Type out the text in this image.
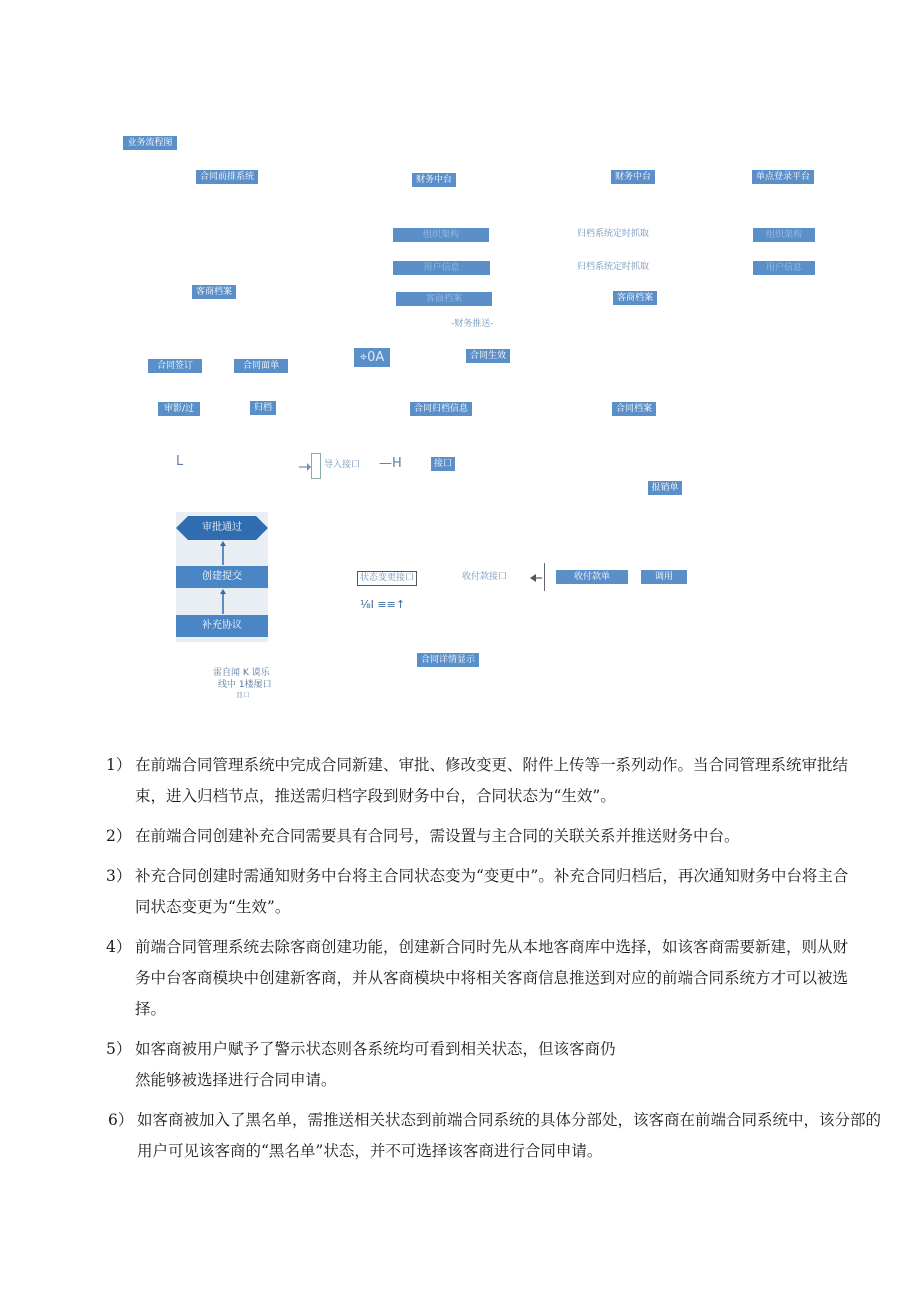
业务流程图
合同前排系统	财务中台	财务中台	单点登录平台
组织架构
用户信息
客商档案
归档系统定时抓取
归档系统定时抓取
组织架构
用户信息
客商档案
客商档案
-财务推送-
合同签订	合同面单
⌖0A	合同生效
审影/过	归档	合同归档信息	合同档案
L	导入接口 —H	接口
报销单
审批通过
创建提交
补充协议
状态变更接口	收付款接口	收付款单	调用
⅛Ι ≡≡↑
合同详情显示
雷自闻 K 谟乐
线中 1楼屡口
皿口
1） 在前端合同管理系统中完成合同新建、审批、修改变更、附件上传等一系列动作。当合同管理系统审批结束，进入归档节点，推送需归档字段到财务中台，合同状态为“生效”。
2） 在前端合同创建补充合同需要具有合同号，需设置与主合同的关联关系并推送财务中台。
3） 补充合同创建时需通知财务中台将主合同状态变为“变更中”。补充合同归档后，再次通知财务中台将主合同状态变更为“生效”。
4） 前端合同管理系统去除客商创建功能，创建新合同时先从本地客商库中选择，如该客商需要新建，则从财务中台客商模块中创建新客商，并从客商模块中将相关客商信息推送到对应的前端合同系统方才可以被选择。
5） 如客商被用户赋予了警示状态则各系统均可看到相关状态，但该客商仍
然能够被选择进行合同申请。
6） 如客商被加入了黑名单，需推送相关状态到前端合同系统的具体分部处，该客商在前端合同系统中，该分部的用户可见该客商的“黑名单”状态，并不可选择该客商进行合同申请。
